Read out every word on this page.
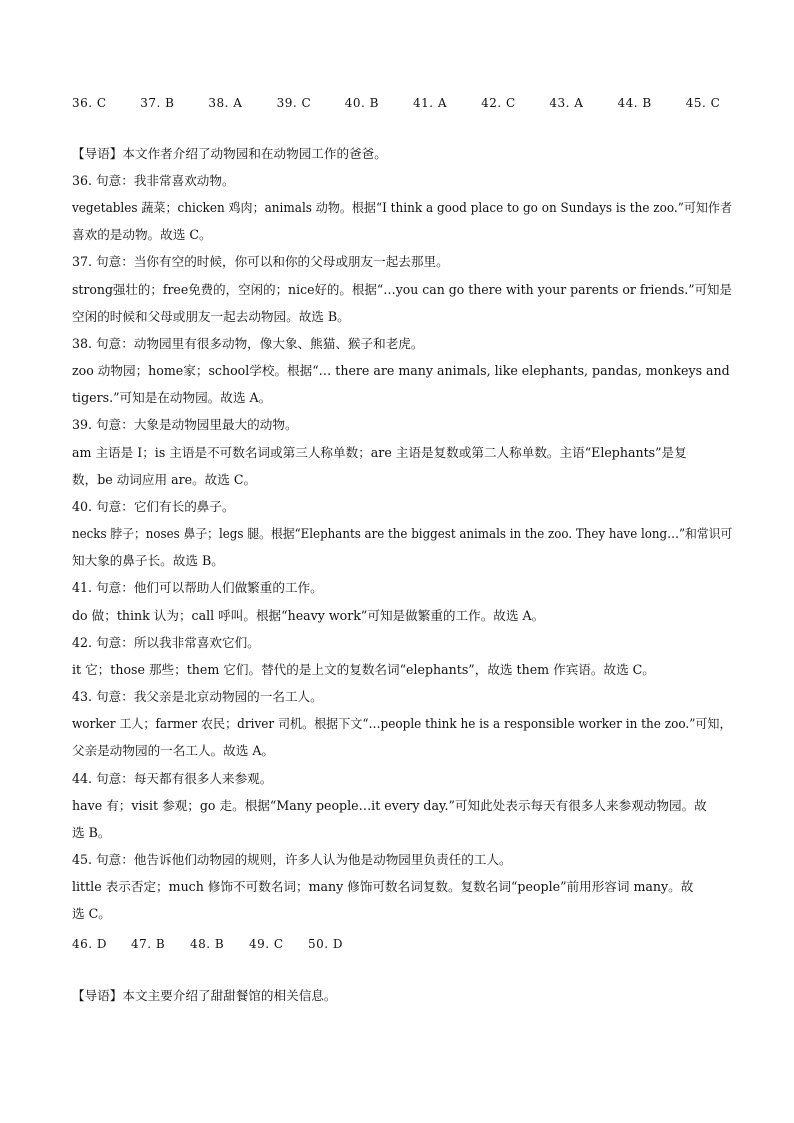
36. C	37. B	38. A	39. C	40. B	41. A	42. C	43. A	44. B	45. C
【导语】本文作者介绍了动物园和在动物园工作的爸爸。
36. 句意：我非常喜欢动物。
vegetables 蔬菜；chicken 鸡肉；animals 动物。根据“I think a good place to go on Sundays is the zoo.”可知作者
喜欢的是动物。故选 C。
37. 句意：当你有空的时候，你可以和你的父母或朋友一起去那里。
strong强壮的；free免费的，空闲的；nice好的。根据“…you can go there with your parents or friends.”可知是
空闲的时候和父母或朋友一起去动物园。故选 B。
38. 句意：动物园里有很多动物，像大象、熊猫、猴子和老虎。
zoo 动物园；home家；school学校。根据“… there are many animals, like elephants, pandas, monkeys and
tigers.”可知是在动物园。故选 A。
39. 句意：大象是动物园里最大的动物。
am 主语是 I；is 主语是不可数名词或第三人称单数；are 主语是复数或第二人称单数。主语“Elephants”是复
数，be 动词应用 are。故选 C。
40. 句意：它们有长的鼻子。
necks 脖子；noses 鼻子；legs 腿。根据“Elephants are the biggest animals in the zoo. They have long…”和常识可
知大象的鼻子长。故选 B。
41. 句意：他们可以帮助人们做繁重的工作。
do 做；think 认为；call 呼叫。根据“heavy work”可知是做繁重的工作。故选 A。
42. 句意：所以我非常喜欢它们。
it 它；those 那些；them 它们。替代的是上文的复数名词“elephants”，故选 them 作宾语。故选 C。
43. 句意：我父亲是北京动物园的一名工人。
worker 工人；farmer 农民；driver 司机。根据下文“…people think he is a responsible worker in the zoo.”可知，
父亲是动物园的一名工人。故选 A。
44. 句意：每天都有很多人来参观。
have 有；visit 参观；go 走。根据“Many people…it every day.”可知此处表示每天有很多人来参观动物园。故
选 B。
45. 句意：他告诉他们动物园的规则，许多人认为他是动物园里负责任的工人。
little 表示否定；much 修饰不可数名词；many 修饰可数名词复数。复数名词“people”前用形容词 many。故
选 C。
【导语】本文主要介绍了甜甜餐馆的相关信息。
46. D	47. B	48. B	49. C	50. D
